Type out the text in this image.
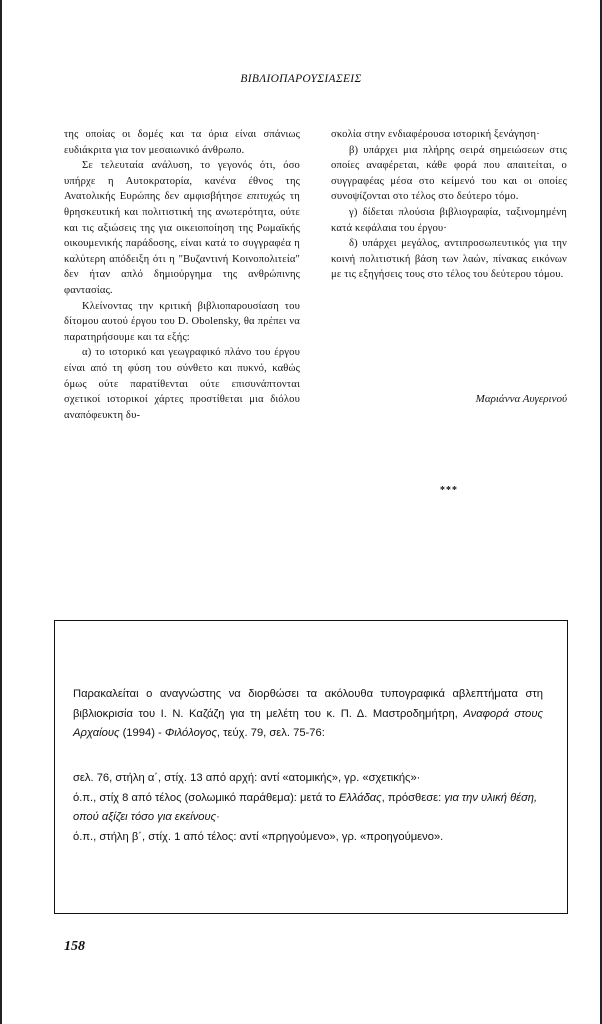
ΒΙΒΛΙΟΠΑΡΟΥΣΙΑΣΕΙΣ

της οποίας οι δομές και τα όρια είναι σπάνιως ευδιάκριτα για τον μεσαιωνικό άνθρωπο.

Σε τελευταία ανάλυση, το γεγονός ότι, όσο υπήρχε η Αυτοκρατορία, κανένα έθνος της Ανατολικής Ευρώπης δεν αμφισβήτησε επιτυχώς τη θρησκευτική και πολιτιστική της ανωτερότητα, ούτε και τις αξιώσεις της για οικειοποίηση της Ρωμαϊκής οικουμενικής παράδοσης, είναι κατά το συγγραφέα η καλύτερη απόδειξη ότι η "Βυζαντινή Κοινοπολιτεία" δεν ήταν απλό δημιούργημα της ανθρώπινης φαντασίας.

Κλείνοντας την κριτική βιβλιοπαρουσίαση του δίτομου αυτού έργου του D. Obolensky, θα πρέπει να παρατηρήσουμε και τα εξής:

α) το ιστορικό και γεωγραφικό πλάνο του έργου είναι από τη φύση του σύνθετο και πυκνό, καθώς όμως ούτε παρατίθενται ούτε επισυνάπτονται σχετικοί ιστορικοί χάρτες προστίθεται μια διόλου αναπόφευκτη δυ-

σκολία στην ενδιαφέρουσα ιστορική ξενάγηση·

β) υπάρχει μια πλήρης σειρά σημειώσεων στις οποίες αναφέρεται, κάθε φορά που απαιτείται, ο συγγραφέας μέσα στο κείμενό του και οι οποίες συνοψίζονται στο τέλος στο δεύτερο τόμο.

γ) δίδεται πλούσια βιβλιογραφία, ταξινομημένη κατά κεφάλαια του έργου·

δ) υπάρχει μεγάλος, αντιπροσωπευτικός για την κοινή πολιτιστική βάση των λαών, πίνακας εικόνων με τις εξηγήσεις τους στο τέλος του δεύτερου τόμου.

Μαριάννα Αυγερινού
***
Παρακαλείται ο αναγνώστης να διορθώσει τα ακόλουθα τυπογραφικά αβλεπτήματα στη βιβλιοκρισία του Ι. Ν. Καζάζη για τη μελέτη του κ. Π. Δ. Μαστροδημήτρη, Αναφορά στους Αρχαίους (1994) - Φιλόλογος, τεύχ. 79, σελ. 75-76:
σελ. 76, στήλη α΄, στίχ. 13 από αρχή: αντί «ατομικής», γρ. «σχετικής»·
ό.π., στίχ 8 από τέλος (σολωμικό παράθεμα): μετά το Ελλάδας, πρόσθεσε: για την υλική θέση, οπού αξίζει τόσο για εκείνους·
ό.π., στήλη β΄, στίχ. 1 από τέλος: αντί «πρηγούμενο», γρ. «προηγούμενο».
158
